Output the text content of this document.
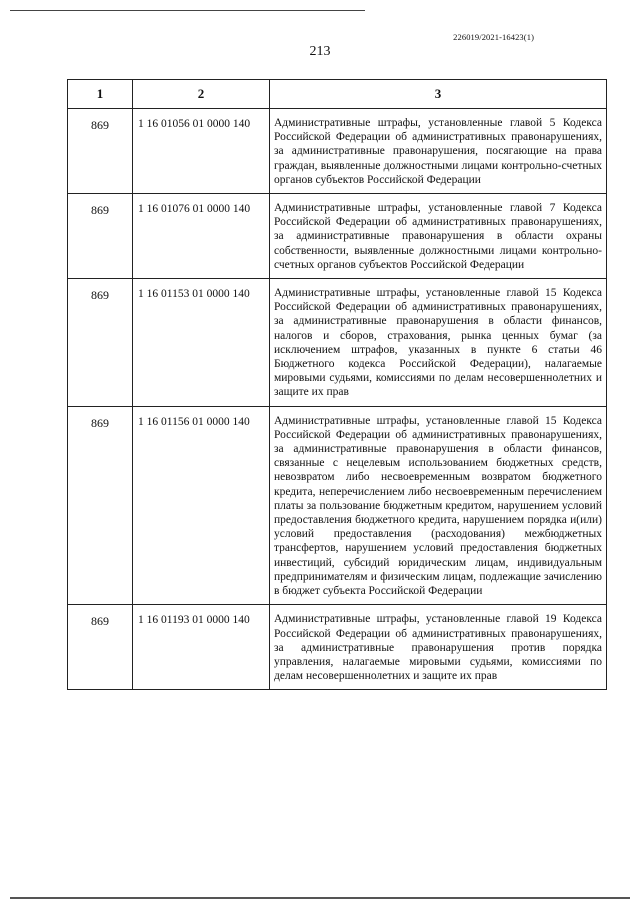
226019/2021-16423(1)
213
1	2	3
869	1 16 01056 01 0000 140	Административные штрафы, установленные главой 5 Кодекса Российской Федерации об административных правонарушениях, за административные правонарушения, посягающие на права граждан, выявленные должностными лицами контрольно-счетных органов субъектов Российской Федерации
869	1 16 01076 01 0000 140	Административные штрафы, установленные главой 7 Кодекса Российской Федерации об административных правонарушениях, за административные правонарушения в области охраны собственности, выявленные должностными лицами контрольно-счетных органов субъектов Российской Федерации
869	1 16 01153 01 0000 140	Административные штрафы, установленные главой 15 Кодекса Российской Федерации об административных правонарушениях, за административные правонарушения в области финансов, налогов и сборов, страхования, рынка ценных бумаг (за исключением штрафов, указанных в пункте 6 статьи 46 Бюджетного кодекса Российской Федерации), налагаемые мировыми судьями, комиссиями по делам несовершеннолетних и защите их прав
869	1 16 01156 01 0000 140	Административные штрафы, установленные главой 15 Кодекса Российской Федерации об административных правонарушениях, за административные правонарушения в области финансов, связанные с нецелевым использованием бюджетных средств, невозвратом либо несвоевременным возвратом бюджетного кредита, неперечислением либо несвоевременным перечислением платы за пользование бюджетным кредитом, нарушением условий предоставления бюджетного кредита, нарушением порядка и(или) условий предоставления (расходования) межбюджетных трансфертов, нарушением условий предоставления бюджетных инвестиций, субсидий юридическим лицам, индивидуальным предпринимателям и физическим лицам, подлежащие зачислению в бюджет субъекта Российской Федерации
869	1 16 01193 01 0000 140	Административные штрафы, установленные главой 19 Кодекса Российской Федерации об административных правонарушениях, за административные правонарушения против порядка управления, налагаемые мировыми судьями, комиссиями по делам несовершеннолетних и защите их прав
